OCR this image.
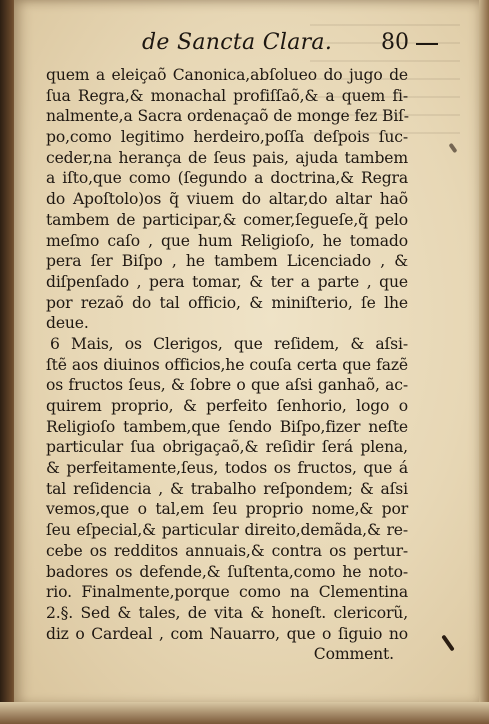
de Sancta Clara. 80
quem a eleiçaõ Canonica,abſolueo do jugo de
ſua Regra,& monachal profiſſaõ,& a quem fi-
nalmente,a Sacra ordenaçaõ de monge fez Biſ-
po,como legitimo herdeiro,poſſa deſpois ſuc-
ceder,na herança de ſeus pais, ajuda tambem
a iſto,que como (ſegundo a doctrina,& Regra
do Apoſtolo)os q̃ viuem do altar,do altar haõ
tambem de participar,& comer,ſegueſe,q̃ pelo
meſmo caſo , que hum Religioſo, he tomado
pera ſer Biſpo , he tambem Licenciado , &
diſpenſado , pera tomar, & ter a parte , que
por rezaõ do tal officio, & miniſterio, ſe lhe
deue.
6 Mais, os Clerigos, que reſidem, & aſsi-
ſtẽ aos diuinos officios,he couſa certa que fazẽ
os fructos ſeus, & ſobre o que aſsi ganhaõ, ac-
quirem proprio, & perfeito ſenhorio, logo o
Religioſo tambem,que ſendo Biſpo,fizer neſte
particular ſua obrigaçaõ,& reſidir ſerá plena,
& perfeitamente,ſeus, todos os fructos, que á
tal reſidencia , & trabalho reſpondem; & aſsi
vemos,que o tal,em ſeu proprio nome,& por
ſeu eſpecial,& particular direito,demãda,& re-
cebe os redditos annuais,& contra os pertur-
badores os defende,& ſuſtenta,como he noto-
rio. Finalmente,porque como na Clementina
2.§. Sed & tales, de vita & honeſt. clericorũ,
diz o Cardeal , com Nauarro, que o ſiguio no
Comment.
